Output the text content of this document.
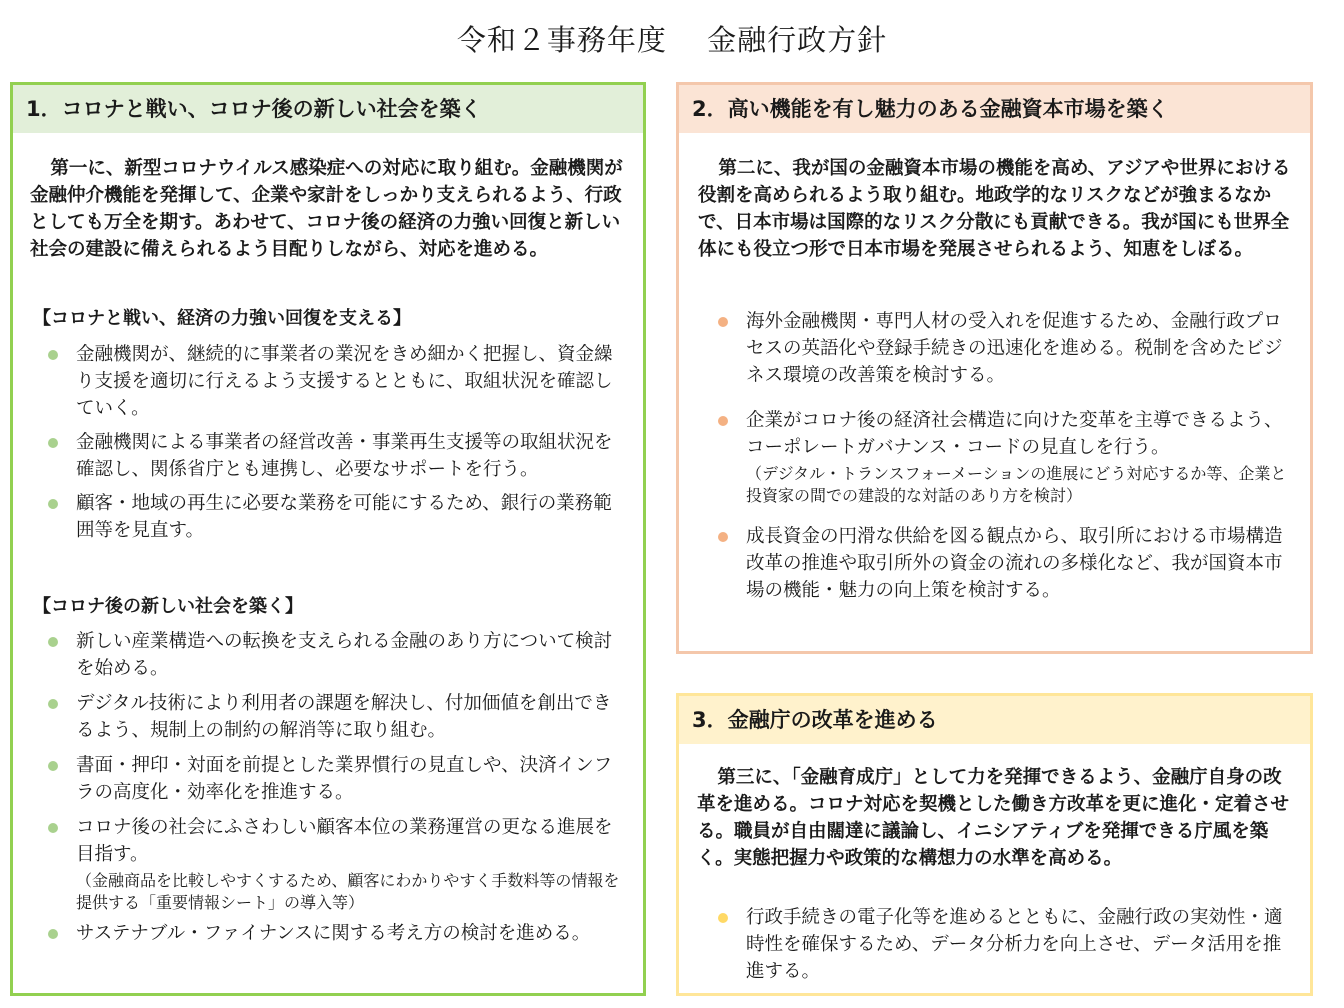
令和２事務年度　 金融行政方針
1．コロナと戦い、コロナ後の新しい社会を築く

第一に、新型コロナウイルス感染症への対応に取り組む。金融機関が金融仲介機能を発揮して、企業や家計をしっかり支えられるよう、行政としても万全を期す。あわせて、コロナ後の経済の力強い回復と新しい社会の建設に備えられるよう目配りしながら、対応を進める。

【コロナと戦い、経済の力強い回復を支える】
金融機関が、継続的に事業者の業況をきめ細かく把握し、資金繰り支援を適切に行えるよう支援するとともに、取組状況を確認していく。
金融機関による事業者の経営改善・事業再生支援等の取組状況を確認し、関係省庁とも連携し、必要なサポートを行う。
顧客・地域の再生に必要な業務を可能にするため、銀行の業務範囲等を見直す。
【コロナ後の新しい社会を築く】
新しい産業構造への転換を支えられる金融のあり方について検討を始める。
デジタル技術により利用者の課題を解決し、付加価値を創出できるよう、規制上の制約の解消等に取り組む。
書面・押印・対面を前提とした業界慣行の見直しや、決済インフラの高度化・効率化を推進する。
コロナ後の社会にふさわしい顧客本位の業務運営の更なる進展を目指す。
（金融商品を比較しやすくするため、顧客にわかりやすく手数料等の情報を提供する「重要情報シート」の導入等）
サステナブル・ファイナンスに関する考え方の検討を進める。
2．高い機能を有し魅力のある金融資本市場を築く

第二に、我が国の金融資本市場の機能を高め、アジアや世界における役割を高められるよう取り組む。地政学的なリスクなどが強まるなかで、日本市場は国際的なリスク分散にも貢献できる。我が国にも世界全体にも役立つ形で日本市場を発展させられるよう、知恵をしぼる。

海外金融機関・専門人材の受入れを促進するため、金融行政プロセスの英語化や登録手続きの迅速化を進める。税制を含めたビジネス環境の改善策を検討する。
企業がコロナ後の経済社会構造に向けた変革を主導できるよう、コーポレートガバナンス・コードの見直しを行う。
（デジタル・トランスフォーメーションの進展にどう対応するか等、企業と投資家の間での建設的な対話のあり方を検討）
成長資金の円滑な供給を図る観点から、取引所における市場構造改革の推進や取引所外の資金の流れの多様化など、我が国資本市場の機能・魅力の向上策を検討する。
3．金融庁の改革を進める

第三に、「金融育成庁」として力を発揮できるよう、金融庁自身の改革を進める。コロナ対応を契機とした働き方改革を更に進化・定着させる。職員が自由闊達に議論し、イニシアティブを発揮できる庁風を築く。実態把握力や政策的な構想力の水準を高める。

行政手続きの電子化等を進めるとともに、金融行政の実効性・適時性を確保するため、データ分析力を向上させ、データ活用を推進する。
